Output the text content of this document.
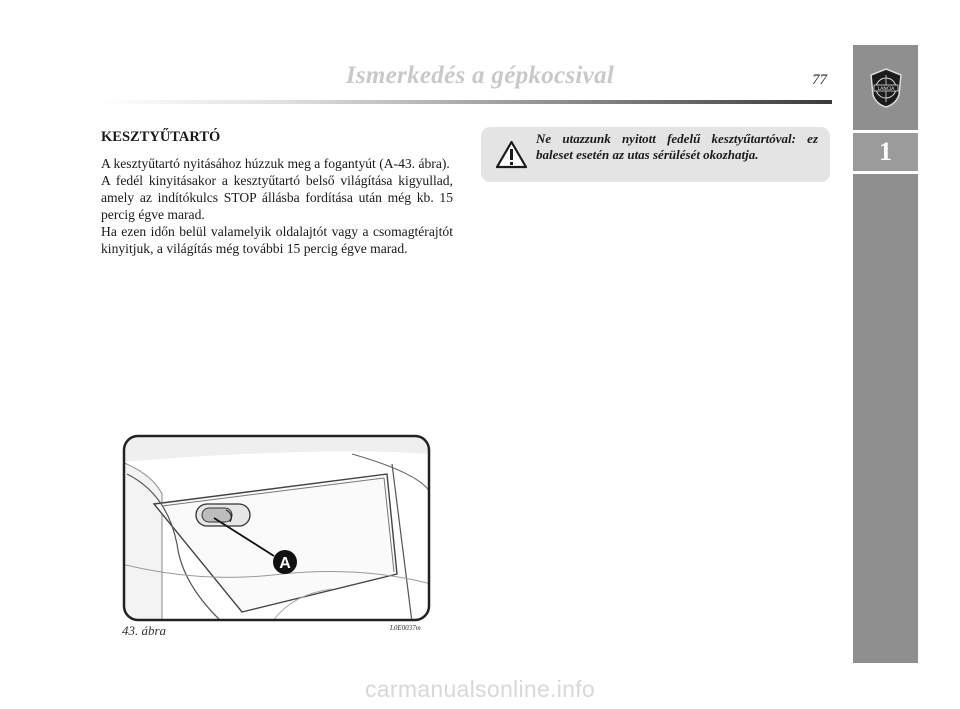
Ismerkedés a gépkocsival	77
LANCIA
1
KESZTYŰTARTÓ

A kesztyűtartó nyitásához húzzuk meg a fogantyút (A-43. ábra).

A fedél kinyitásakor a kesztyűtartó belső világítása kigyullad, amely az indítókulcs STOP állásba fordítása után még kb. 15 percig égve marad.

Ha ezen időn belül valamelyik oldalajtót vagy a csomagtérajtót kinyitjuk, a világítás még további 15 percig égve marad.

Ne utazzunk nyitott fedelű kesztyűtartóval: ez baleset esetén az utas sérülését okozhatja.
A
L0E0037m
43. ábra
carmanualsonline.info
